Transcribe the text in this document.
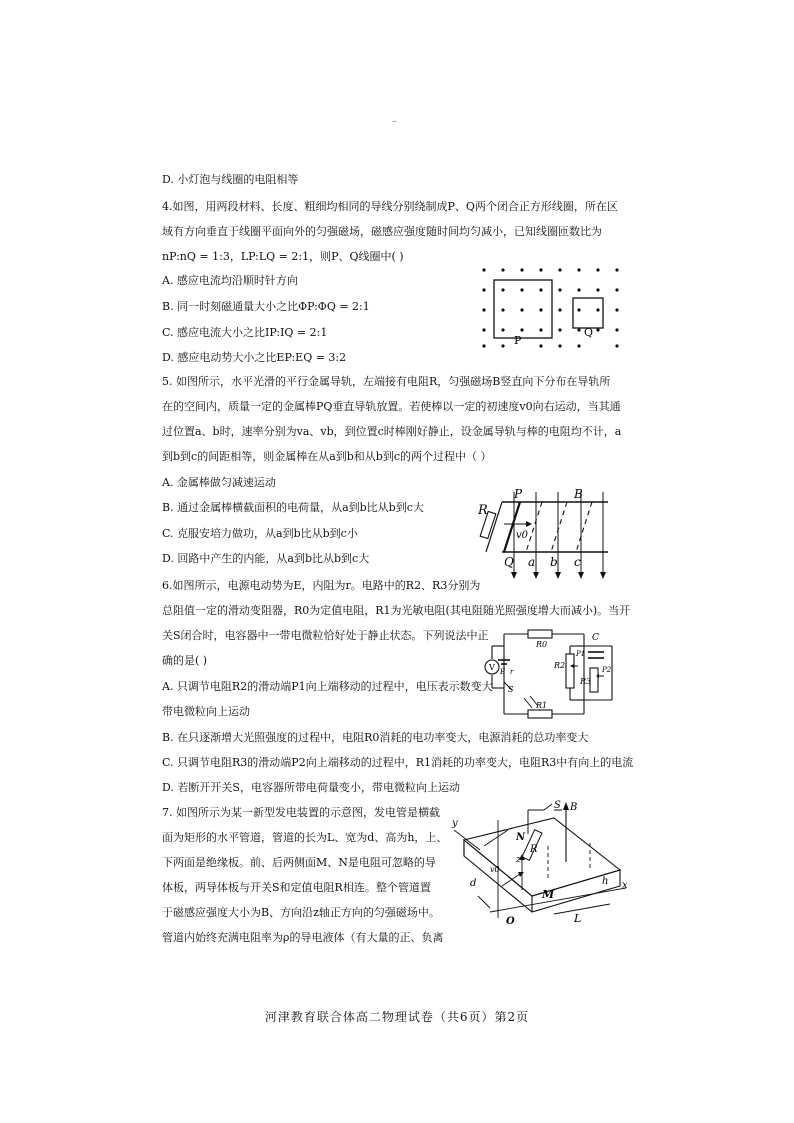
–
D. 小灯泡与线圈的电阻相等
4.如图，用两段材料、长度、粗细均相同的导线分别绕制成P、Q两个闭合正方形线圈，所在区
域有方向垂直于线圈平面向外的匀强磁场，磁感应强度随时间均匀减小，已知线圈匝数比为
nP:nQ = 1:3，LP:LQ = 2:1，则P、Q线圈中( )
A. 感应电流均沿顺时针方向
B. 同一时刻磁通量大小之比ΦP:ΦQ = 2:1
C. 感应电流大小之比IP:IQ = 2:1
D. 感应电动势大小之比EP:EQ = 3:2
P
Q
5. 如图所示，水平光滑的平行金属导轨，左端接有电阻R，匀强磁场B竖直向下分布在导轨所
在的空间内，质量一定的金属棒PQ垂直导轨放置。若使棒以一定的初速度v0向右运动，当其通
过位置a、b时，速率分别为va、vb，到位置c时棒刚好静止，设金属导轨与棒的电阻均不计，a
到b到c的间距相等，则金属棒在从a到b和从b到c的两个过程中（ ）
A. 金属棒做匀减速运动
B. 通过金属棒横截面积的电荷量，从a到b比从b到c大
C. 克服安培力做功，从a到b比从b到c小
D. 回路中产生的内能，从a到b比从b到c大
R
P	B
v0
Q a b c
6.如图所示，电源电动势为E，内阻为r。电路中的R2、R3分别为
总阻值一定的滑动变阻器，R0为定值电阻，R1为光敏电阻(其电阻随光照强度增大而减小)。当开
关S闭合时，电容器中一带电微粒恰好处于静止状态。下列说法中正
确的是( )
A. 只调节电阻R2的滑动端P1向上端移动的过程中，电压表示数变大
带电微粒向上运动
B. 在只逐渐增大光照强度的过程中，电阻R0消耗的电功率变大，电源消耗的总功率变大
C. 只调节电阻R3的滑动端P2向上端移动的过程中，R1消耗的功率变大，电阻R3中有向上的电流
D. 若断开开关S，电容器所带电荷量变小，带电微粒向上运动
R0
C
P1
V E r
R2	P2
R3
S
R1
7. 如图所示为某一新型发电装置的示意图，发电管是横截
面为矩形的水平管道，管道的长为L、宽为d、高为h，上、
下两面是绝缘板。前、后两侧面M、N是电阻可忽略的导
体板，两导体板与开关S和定值电阻R相连。整个管道置
于磁感应强度大小为B、方向沿z轴正方向的匀强磁场中。
管道内始终充满电阻率为ρ的导电液体（有大量的正、负离
S B
y
N
R
z
d
M
h x
O	L
v0
河津教育联合体高二物理试卷（共6页）第2页
